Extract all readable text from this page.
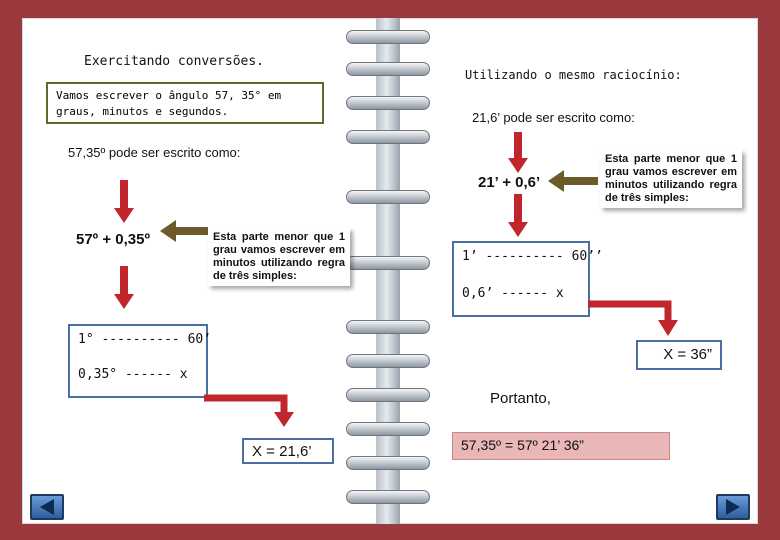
Exercitando conversões.
Vamos escrever o ângulo 57, 35° em graus, minutos e segundos.
57,35º pode ser escrito como:
57º + 0,35º	Esta parte menor que 1 grau vamos escrever em minutos utilizando regra de três simples:
1° ---------- 60’
0,35° ------ x
X = 21,6’
Utilizando o mesmo raciocínio:
21,6’ pode ser escrito como:
21’ + 0,6’
Esta parte menor que 1 grau vamos escrever em minutos utilizando regra de três simples:
1’ ---------- 60’’
0,6’ ------ x
X = 36”
Portanto,
57,35º = 57º 21’ 36”
